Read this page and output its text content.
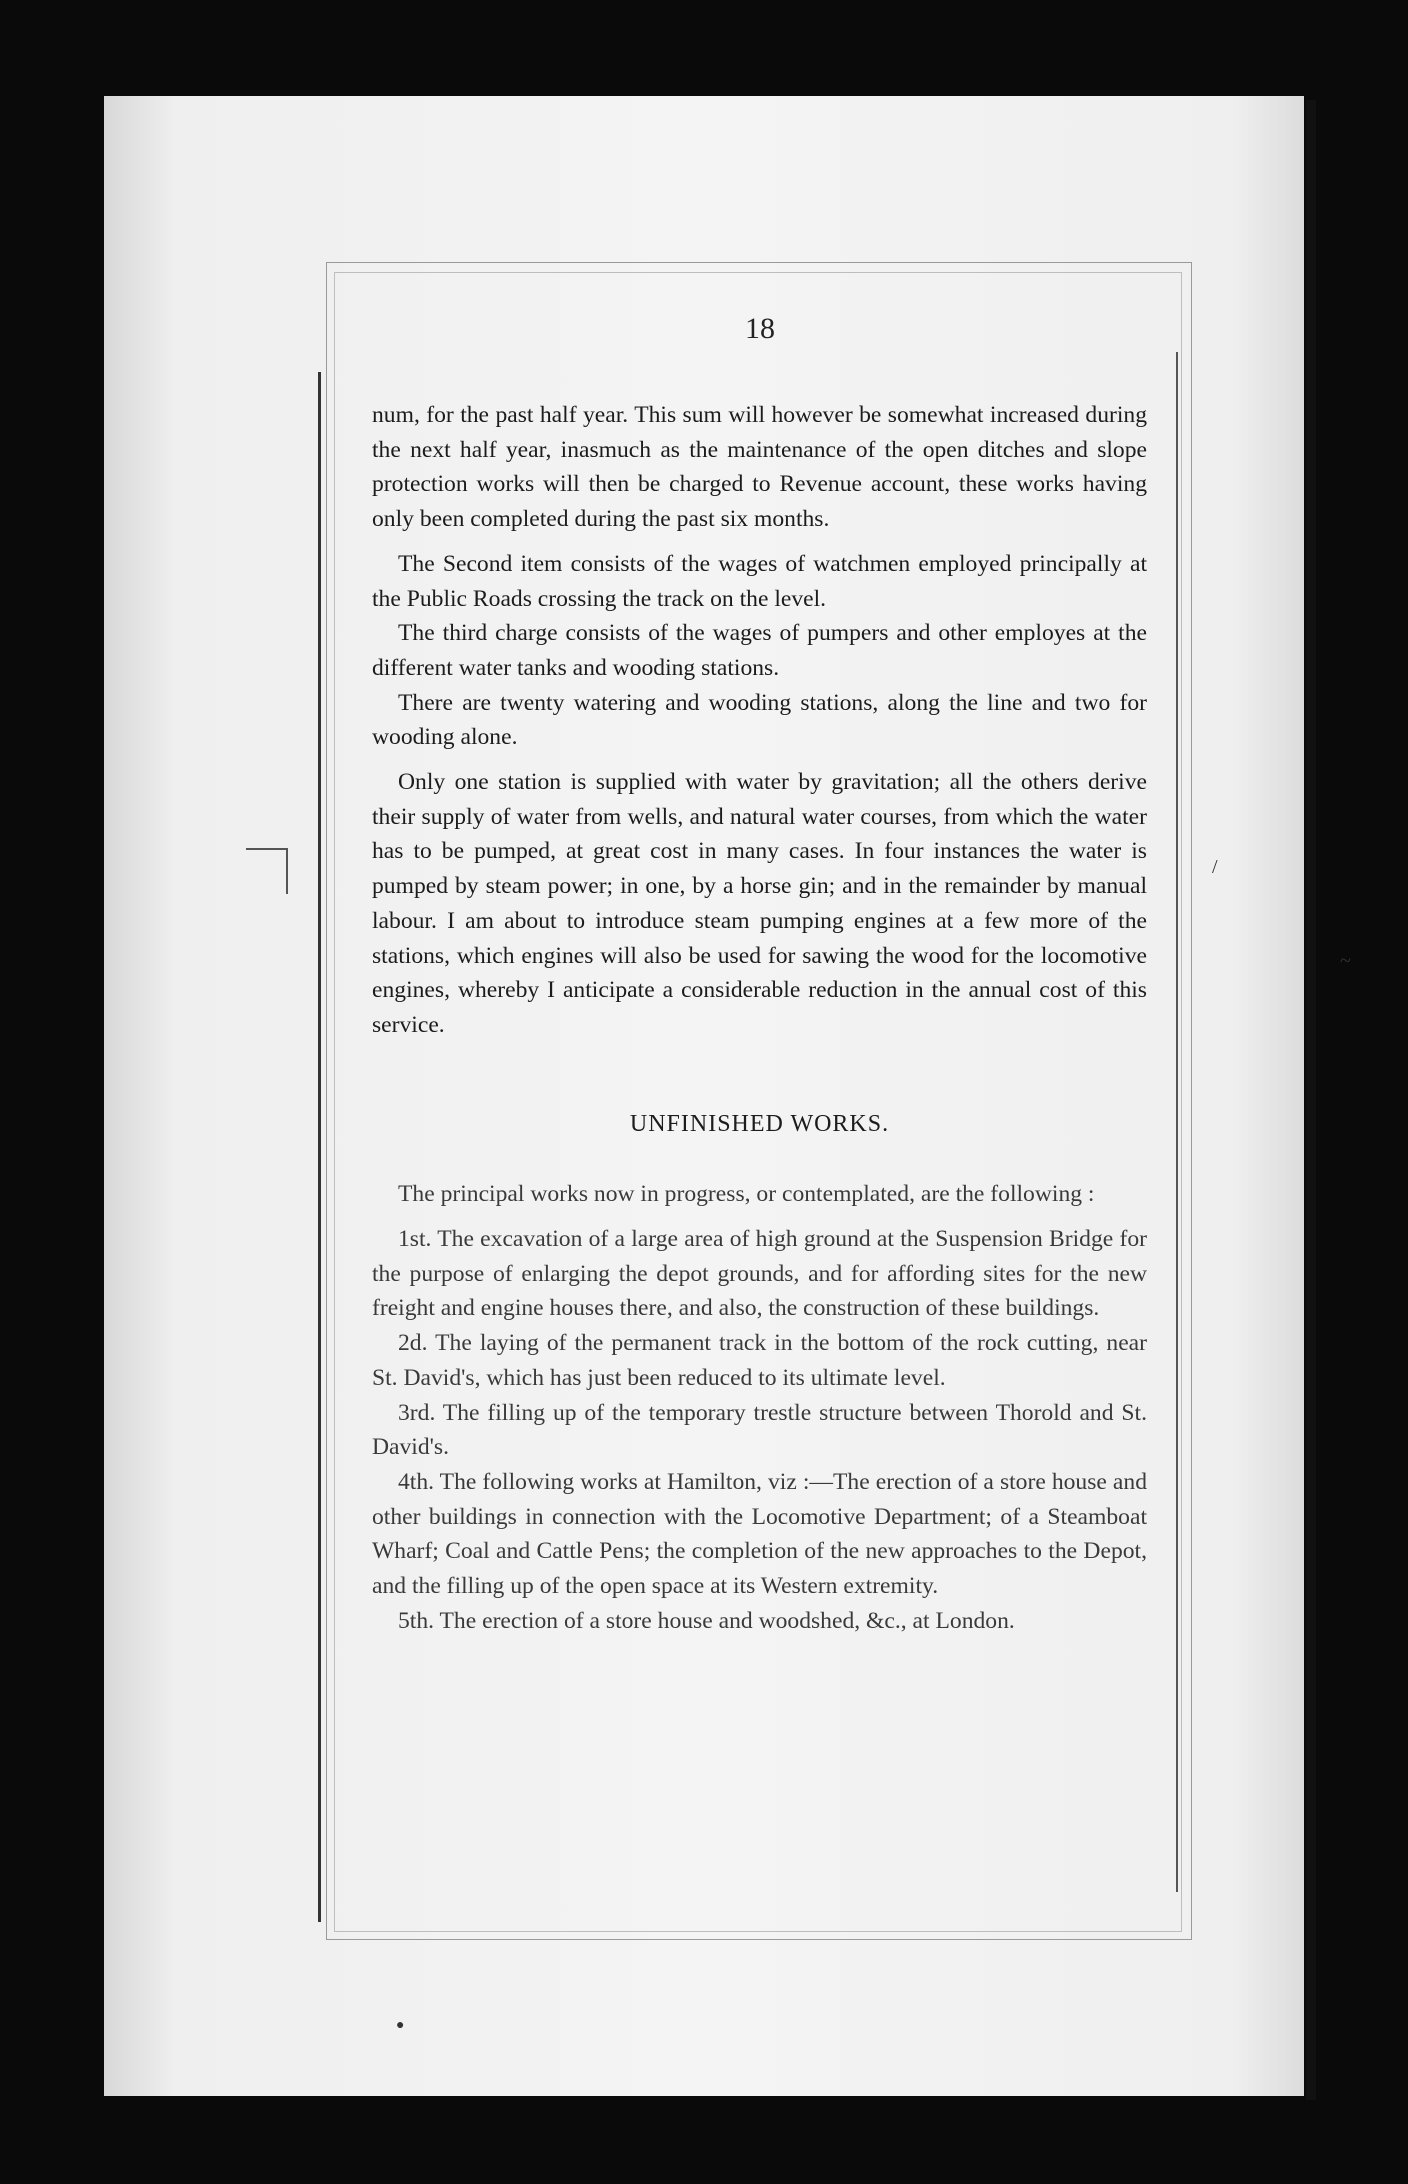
/
~
●
18

num, for the past half year. This sum will however be somewhat increased during the next half year, inasmuch as the maintenance of the open ditches and slope protection works will then be charged to Revenue account, these works having only been completed during the past six months.

The Second item consists of the wages of watchmen employed principally at the Public Roads crossing the track on the level.

The third charge consists of the wages of pumpers and other employes at the different water tanks and wooding stations.

There are twenty watering and wooding stations, along the line and two for wooding alone.

Only one station is supplied with water by gravitation; all the others derive their supply of water from wells, and natural water courses, from which the water has to be pumped, at great cost in many cases. In four instances the water is pumped by steam power; in one, by a horse gin; and in the remainder by manual labour. I am about to introduce steam pumping engines at a few more of the stations, which engines will also be used for sawing the wood for the locomotive engines, whereby I anticipate a considerable reduction in the annual cost of this service.

UNFINISHED WORKS.

The principal works now in progress, or contemplated, are the following :

1st. The excavation of a large area of high ground at the Suspension Bridge for the purpose of enlarging the depot grounds, and for affording sites for the new freight and engine houses there, and also, the construction of these buildings.

2d. The laying of the permanent track in the bottom of the rock cutting, near St. David's, which has just been reduced to its ultimate level.

3rd. The filling up of the temporary trestle structure between Thorold and St. David's.

4th. The following works at Hamilton, viz :—The erection of a store house and other buildings in connection with the Locomotive Department; of a Steamboat Wharf; Coal and Cattle Pens; the completion of the new approaches to the Depot, and the filling up of the open space at its Western extremity.

5th. The erection of a store house and woodshed, &c., at London.
